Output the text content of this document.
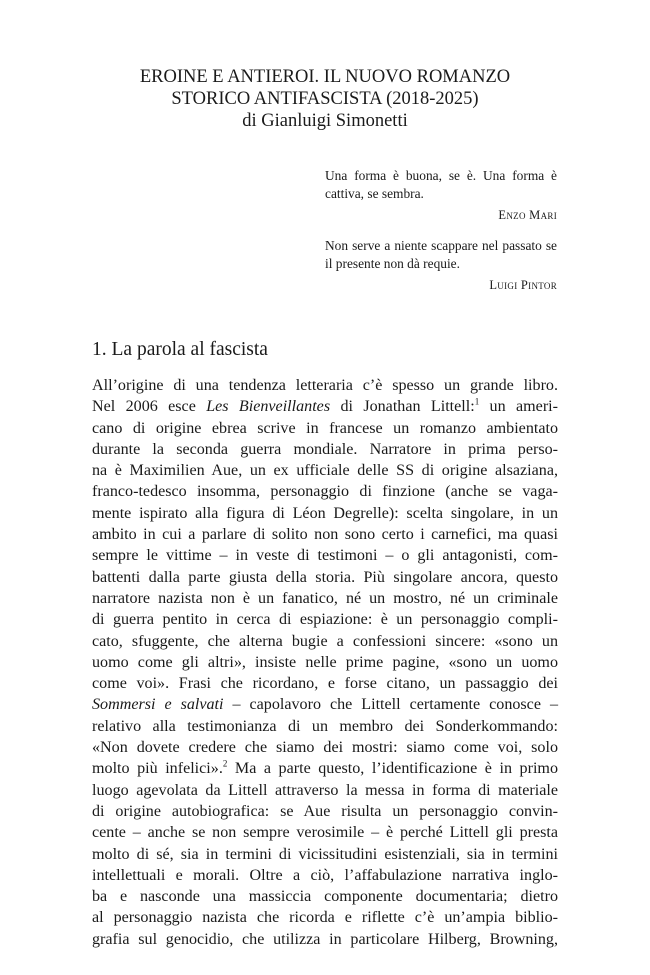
EROINE E ANTIEROI. IL NUOVO ROMANZO
STORICO ANTIFASCISTA (2018-2025)
di Gianluigi Simonetti
Una forma è buona, se è. Una forma è cattiva, se sembra.
Enzo Mari
Non serve a niente scappare nel passato se il presente non dà requie.
Luigi Pintor
1. La parola al fascista
All’origine di una tendenza letteraria c’è spesso un grande libro.
Nel 2006 esce Les Bienveillantes di Jonathan Littell:$^1$ un ameri-
cano di origine ebrea scrive in francese un romanzo ambientato
durante la seconda guerra mondiale. Narratore in prima perso-
na è Maximilien Aue, un ex ufficiale delle SS di origine alsaziana,
franco-tedesco insomma, personaggio di finzione (anche se vaga-
mente ispirato alla figura di Léon Degrelle): scelta singolare, in un
ambito in cui a parlare di solito non sono certo i carnefici, ma quasi
sempre le vittime – in veste di testimoni – o gli antagonisti, com-
battenti dalla parte giusta della storia. Più singolare ancora, questo
narratore nazista non è un fanatico, né un mostro, né un criminale
di guerra pentito in cerca di espiazione: è un personaggio compli-
cato, sfuggente, che alterna bugie a confessioni sincere: «sono un
uomo come gli altri», insiste nelle prime pagine, «sono un uomo
come voi». Frasi che ricordano, e forse citano, un passaggio dei
Sommersi e salvati – capolavoro che Littell certamente conosce –
relativo alla testimonianza di un membro dei Sonderkommando:
«Non dovete credere che siamo dei mostri: siamo come voi, solo
molto più infelici».$^2$ Ma a parte questo, l’identificazione è in primo
luogo agevolata da Littell attraverso la messa in forma di materiale
di origine autobiografica: se Aue risulta un personaggio convin-
cente – anche se non sempre verosimile – è perché Littell gli presta
molto di sé, sia in termini di vicissitudini esistenziali, sia in termini
intellettuali e morali. Oltre a ciò, l’affabulazione narrativa inglo-
ba e nasconde una massiccia componente documentaria; dietro
al personaggio nazista che ricorda e riflette c’è un’ampia biblio-
grafia sul genocidio, che utilizza in particolare Hilberg, Browning,
